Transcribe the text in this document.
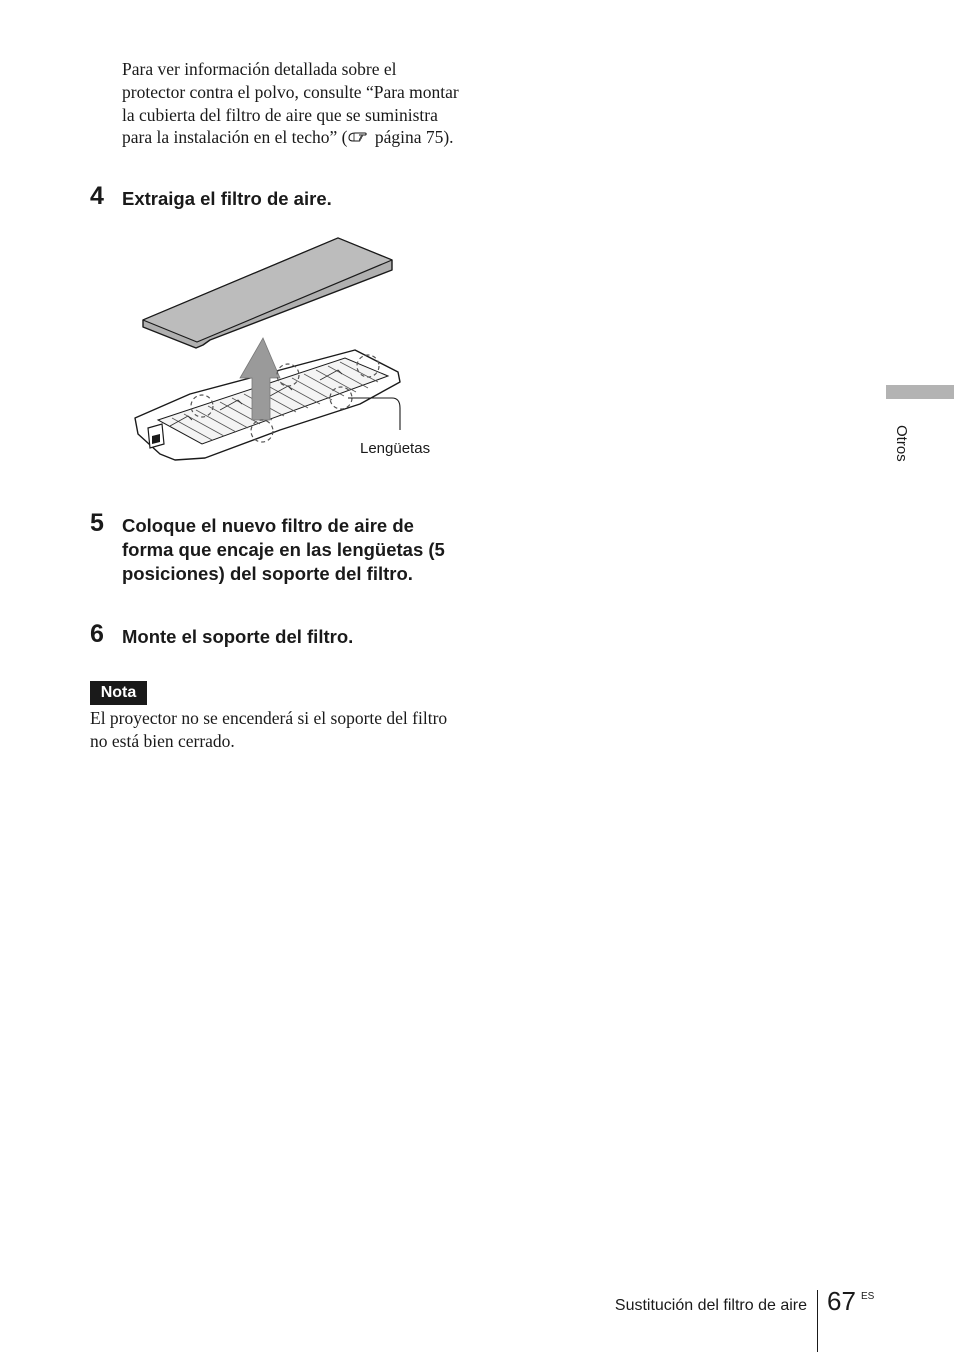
Para ver información detallada sobre el protector contra el polvo, consulte “Para montar la cubierta del filtro de aire que se suministra para la instalación en el techo” ( página 75).
4 Extraiga el filtro de aire.
Lengüetas
5 Coloque el nuevo filtro de aire de forma que encaje en las lengüetas (5 posiciones) del soporte del filtro.
6 Monte el soporte del filtro.
Nota
El proyector no se encenderá si el soporte del filtro no está bien cerrado.
Otros
Sustitución del filtro de aire 67 ES
